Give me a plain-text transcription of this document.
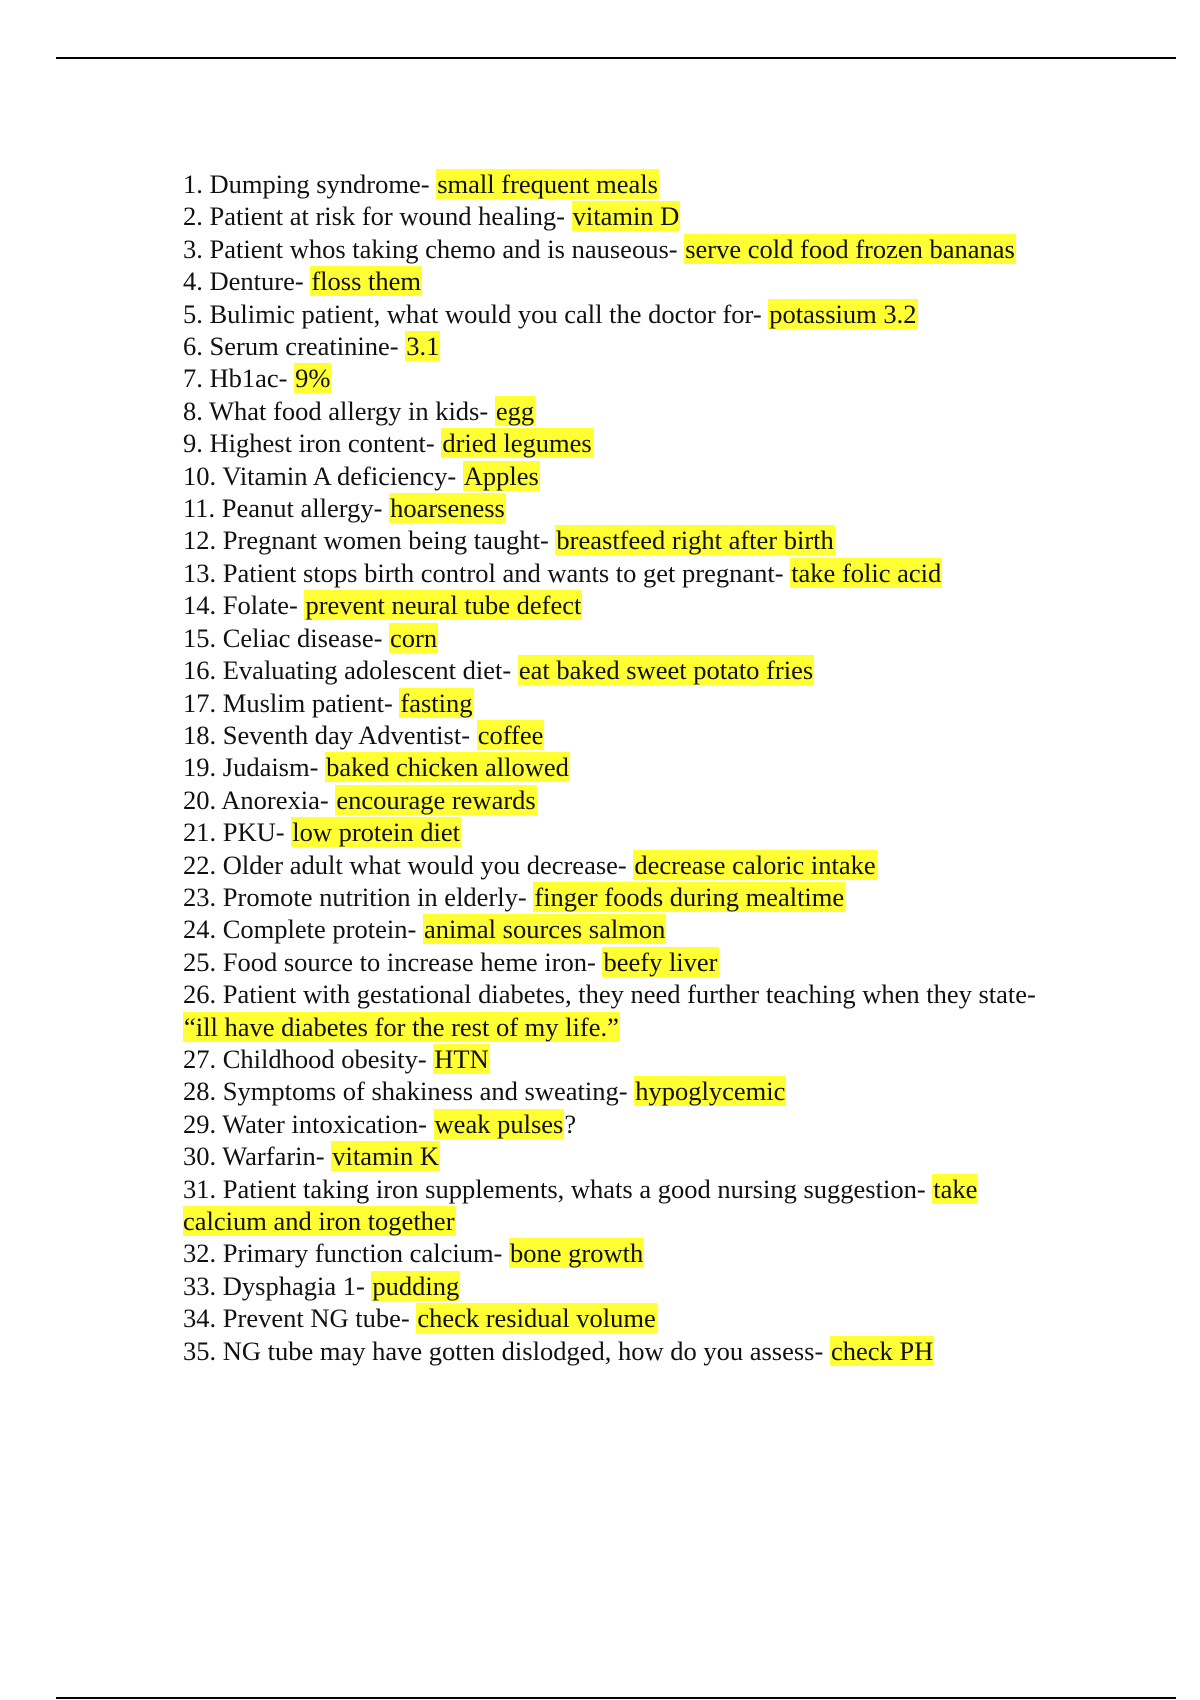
1. Dumping syndrome- small frequent meals
2. Patient at risk for wound healing- vitamin D
3. Patient whos taking chemo and is nauseous- serve cold food frozen bananas
4. Denture- floss them
5. Bulimic patient, what would you call the doctor for- potassium 3.2
6. Serum creatinine- 3.1
7. Hb1ac- 9%
8. What food allergy in kids- egg
9. Highest iron content- dried legumes
10. Vitamin A deficiency- Apples
11. Peanut allergy- hoarseness
12. Pregnant women being taught- breastfeed right after birth
13. Patient stops birth control and wants to get pregnant- take folic acid
14. Folate- prevent neural tube defect
15. Celiac disease- corn
16. Evaluating adolescent diet- eat baked sweet potato fries
17. Muslim patient- fasting
18. Seventh day Adventist- coffee
19. Judaism- baked chicken allowed
20. Anorexia- encourage rewards
21. PKU- low protein diet
22. Older adult what would you decrease- decrease caloric intake
23. Promote nutrition in elderly- finger foods during mealtime
24. Complete protein- animal sources salmon
25. Food source to increase heme iron- beefy liver
26. Patient with gestational diabetes, they need further teaching when they state- “ill have diabetes for the rest of my life.”
27. Childhood obesity- HTN
28. Symptoms of shakiness and sweating- hypoglycemic
29. Water intoxication- weak pulses?
30. Warfarin- vitamin K
31. Patient taking iron supplements, whats a good nursing suggestion- take calcium and iron together
32. Primary function calcium- bone growth
33. Dysphagia 1- pudding
34. Prevent NG tube- check residual volume
35. NG tube may have gotten dislodged, how do you assess- check PH
